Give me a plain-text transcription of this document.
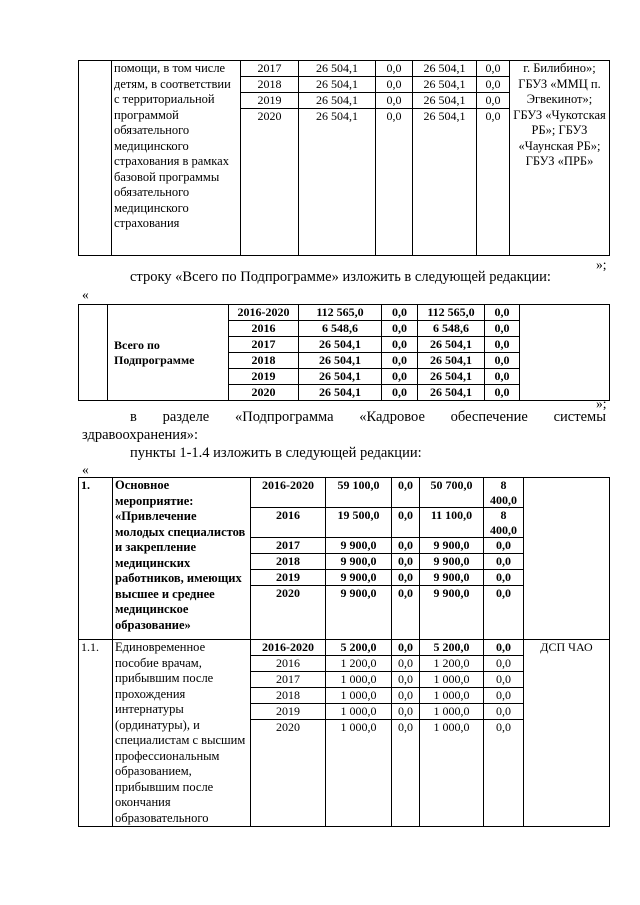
	помощи, в том числе детям, в соответствии с территориальной программой обязательного медицинского страхования в рамках базовой программы обязательного медицинского страхования	2017	26 504,1	0,0	26 504,1	0,0	г. Билибино»; ГБУЗ «ММЦ п. Эгвекинот»; ГБУЗ «Чукотская РБ»; ГБУЗ «Чаунская РБ»; ГБУЗ «ПРБ»
		2018	26 504,1	0,0	26 504,1	0,0	
		2019	26 504,1	0,0	26 504,1	0,0	
		2020	26 504,1	0,0	26 504,1	0,0	
»;
строку «Всего по Подпрограмме» изложить в следующей редакции:
«
	Всего по Подпрограмме	2016-2020	112 565,0	0,0	112 565,0	0,0	
		2016	6 548,6	0,0	6 548,6	0,0	
		2017	26 504,1	0,0	26 504,1	0,0	
		2018	26 504,1	0,0	26 504,1	0,0	
		2019	26 504,1	0,0	26 504,1	0,0	
		2020	26 504,1	0,0	26 504,1	0,0	
»;
в разделе «Подпрограмма «Кадровое обеспечение системы
здравоохранения»:
пункты 1-1.4 изложить в следующей редакции:
«
1.	Основное мероприятие: «Привлечение молодых специалистов и закрепление медицинских работников, имеющих высшее и среднее медицинское образование»	2016-2020	59 100,0	0,0	50 700,0	8 400,0	
		2016	19 500,0	0,0	11 100,0	8 400,0	
		2017	9 900,0	0,0	9 900,0	0,0	
		2018	9 900,0	0,0	9 900,0	0,0	
		2019	9 900,0	0,0	9 900,0	0,0	
		2020	9 900,0	0,0	9 900,0	0,0	
1.1.	Единовременное пособие врачам, прибывшим после прохождения интернатуры (ординатуры), и специалистам с высшим профессиональным образованием, прибывшим после окончания образовательного	2016-2020	5 200,0	0,0	5 200,0	0,0	ДСП ЧАО
		2016	1 200,0	0,0	1 200,0	0,0	
		2017	1 000,0	0,0	1 000,0	0,0	
		2018	1 000,0	0,0	1 000,0	0,0	
		2019	1 000,0	0,0	1 000,0	0,0	
		2020	1 000,0	0,0	1 000,0	0,0	
